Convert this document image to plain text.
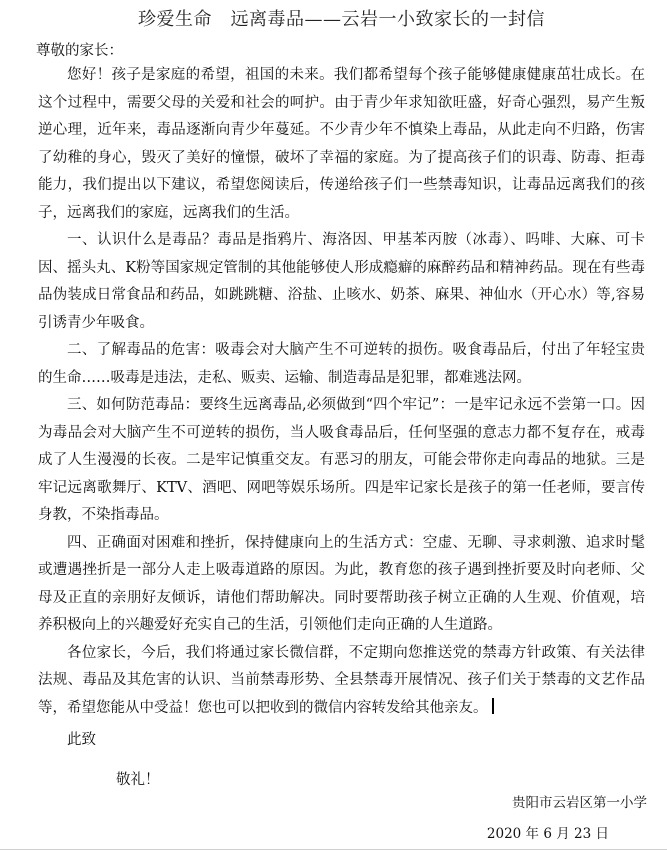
珍爱生命　远离毒品——云岩一小致家长的一封信
尊敬的家长：

您好！孩子是家庭的希望，祖国的未来。我们都希望每个孩子能够健康健康茁壮成长。在这个过程中，需要父母的关爱和社会的呵护。由于青少年求知欲旺盛，好奇心强烈，易产生叛逆心理，近年来，毒品逐渐向青少年蔓延。不少青少年不慎染上毒品，从此走向不归路，伤害了幼稚的身心，毁灭了美好的憧憬，破坏了幸福的家庭。为了提高孩子们的识毒、防毒、拒毒能力，我们提出以下建议，希望您阅读后，传递给孩子们一些禁毒知识，让毒品远离我们的孩子，远离我们的家庭，远离我们的生活。

一、认识什么是毒品？毒品是指鸦片、海洛因、甲基苯丙胺（冰毒）、吗啡、大麻、可卡因、摇头丸、K粉等国家规定管制的其他能够使人形成瘾癖的麻醉药品和精神药品。现在有些毒品伪装成日常食品和药品，如跳跳糖、浴盐、止咳水、奶茶、麻果、神仙水（开心水）等,容易引诱青少年吸食。

二、了解毒品的危害：吸毒会对大脑产生不可逆转的损伤。吸食毒品后，付出了年轻宝贵的生命……吸毒是违法，走私、贩卖、运输、制造毒品是犯罪，都难逃法网。

三、如何防范毒品：要终生远离毒品,必须做到“四个牢记”：一是牢记永远不尝第一口。因为毒品会对大脑产生不可逆转的损伤，当人吸食毒品后，任何坚强的意志力都不复存在，戒毒成了人生漫漫的长夜。二是牢记慎重交友。有恶习的朋友，可能会带你走向毒品的地狱。三是牢记远离歌舞厅、KTV、酒吧、网吧等娱乐场所。四是牢记家长是孩子的第一任老师，要言传身教，不染指毒品。

四、正确面对困难和挫折，保持健康向上的生活方式：空虚、无聊、寻求刺激、追求时髦或遭遇挫折是一部分人走上吸毒道路的原因。为此，教育您的孩子遇到挫折要及时向老师、父母及正直的亲朋好友倾诉，请他们帮助解决。同时要帮助孩子树立正确的人生观、价值观，培养积极向上的兴趣爱好充实自己的生活，引领他们走向正确的人生道路。

各位家长，今后，我们将通过家长微信群，不定期向您推送党的禁毒方针政策、有关法律法规、毒品及其危害的认识、当前禁毒形势、全县禁毒开展情况、孩子们关于禁毒的文艺作品等，希望您能从中受益！您也可以把收到的微信内容转发给其他亲友。

此致
敬礼！
贵阳市云岩区第一小学
2020 年 6 月 23 日
